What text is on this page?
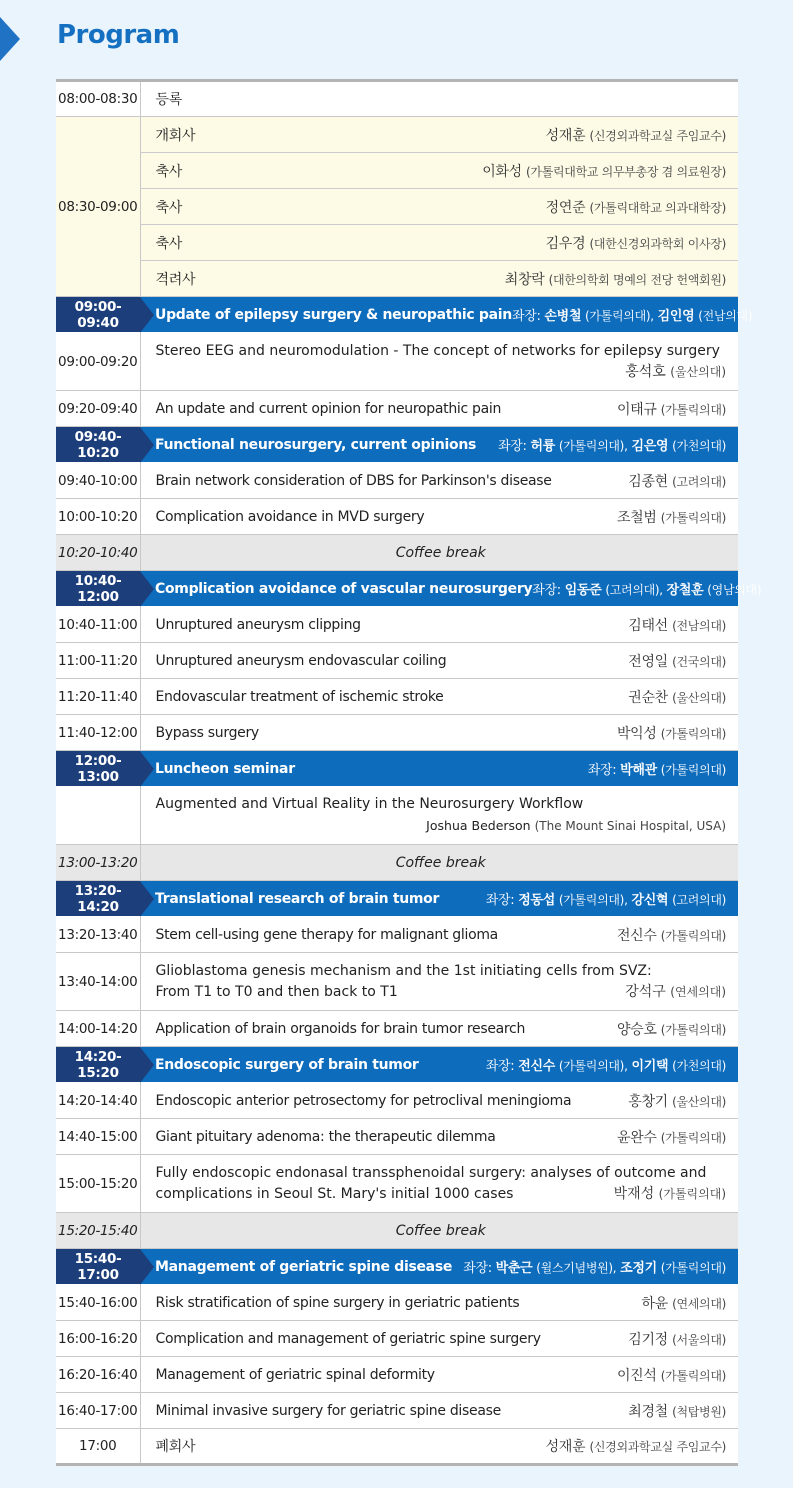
Program
08:00-08:30	등록

08:30-09:00	개회사 성재훈 (신경외과학교실 주임교수)

	축사 이화성 (가톨릭대학교 의무부총장 겸 의료원장)

	축사 정연준 (가톨릭대학교 의과대학장)

	축사 김우경 (대한신경외과학회 이사장)

	격려사 최창락 (대한의학회 명예의 전당 헌액회원)

09:00-09:40	Update of epilepsy surgery & neuropathic pain 좌장: 손병철 (가톨릭의대), 김인영 (전남의대)

09:00-09:20	Stereo EEG and neuromodulation - The concept of networks for epilepsy surgery
홍석호 (울산의대)

09:20-09:40	An update and current opinion for neuropathic pain 이태규 (가톨릭의대)

09:40-10:20	Functional neurosurgery, current opinions 좌장: 허륭 (가톨릭의대), 김은영 (가천의대)

09:40-10:00	Brain network consideration of DBS for Parkinson's disease 김종현 (고려의대)

10:00-10:20	Complication avoidance in MVD surgery 조철범 (가톨릭의대)

10:20-10:40	Coffee break
10:40-12:00	Complication avoidance of vascular neurosurgery 좌장: 임동준 (고려의대), 장철훈 (영남의대)

10:40-11:00	Unruptured aneurysm clipping 김태선 (전남의대)

11:00-11:20	Unruptured aneurysm endovascular coiling 전영일 (건국의대)

11:20-11:40	Endovascular treatment of ischemic stroke 권순찬 (울산의대)

11:40-12:00	Bypass surgery 박익성 (가톨릭의대)

12:00-13:00	Luncheon seminar 좌장: 박해관 (가톨릭의대)

	Augmented and Virtual Reality in the Neurosurgery Workflow
Joshua Bederson (The Mount Sinai Hospital, USA)

13:00-13:20	Coffee break
13:20-14:20	Translational research of brain tumor 좌장: 정동섭 (가톨릭의대), 강신혁 (고려의대)

13:20-13:40	Stem cell-using gene therapy for malignant glioma 전신수 (가톨릭의대)

13:40-14:00	Glioblastoma genesis mechanism and the 1st initiating cells from SVZ:
From T1 to T0 and then back to T1 강석구 (연세의대)

14:00-14:20	Application of brain organoids for brain tumor research 양승호 (가톨릭의대)

14:20-15:20	Endoscopic surgery of brain tumor 좌장: 전신수 (가톨릭의대), 이기택 (가천의대)

14:20-14:40	Endoscopic anterior petrosectomy for petroclival meningioma 홍창기 (울산의대)

14:40-15:00	Giant pituitary adenoma: the therapeutic dilemma 윤완수 (가톨릭의대)

15:00-15:20	Fully endoscopic endonasal transsphenoidal surgery: analyses of outcome and
complications in Seoul St. Mary's initial 1000 cases 박재성 (가톨릭의대)

15:20-15:40	Coffee break
15:40-17:00	Management of geriatric spine disease 좌장: 박춘근 (윌스기념병원), 조정기 (가톨릭의대)

15:40-16:00	Risk stratification of spine surgery in geriatric patients 하윤 (연세의대)

16:00-16:20	Complication and management of geriatric spine surgery 김기정 (서울의대)

16:20-16:40	Management of geriatric spinal deformity 이진석 (가톨릭의대)

16:40-17:00	Minimal invasive surgery for geriatric spine disease 최경철 (척탑병원)

17:00	폐회사 성재훈 (신경외과학교실 주임교수)
